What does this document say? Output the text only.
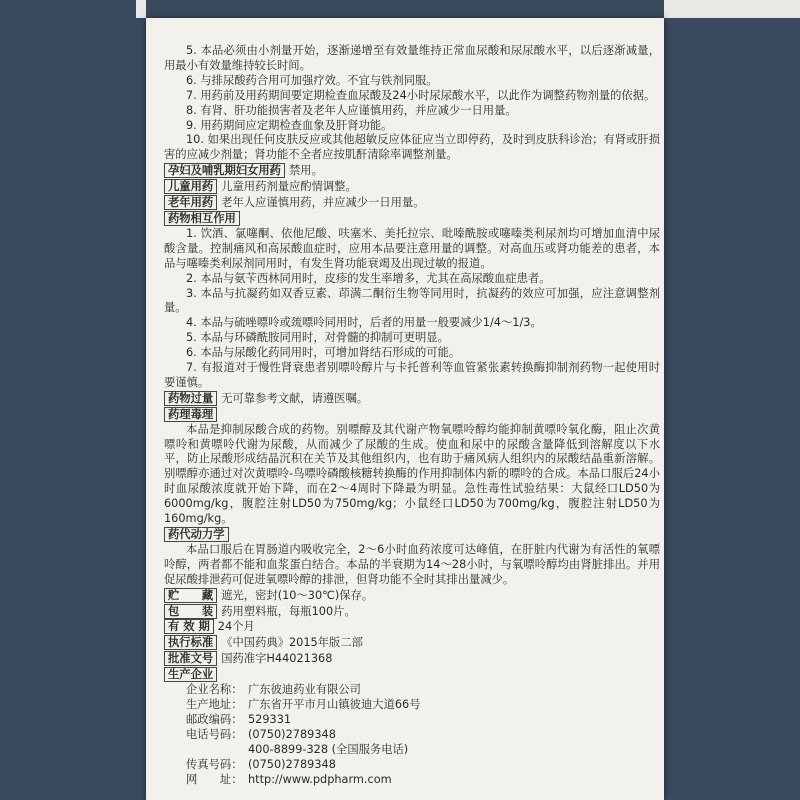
5. 本品必须由小剂量开始，逐渐递增至有效量维持正常血尿酸和尿尿酸水平，以后逐渐减量，用最小有效量维持较长时间。

6. 与排尿酸药合用可加强疗效。不宜与铁剂同服。

7. 用药前及用药期间要定期检查血尿酸及24小时尿尿酸水平，以此作为调整药物剂量的依据。

8. 有肾、肝功能损害者及老年人应谨慎用药，并应减少一日用量。

9. 用药期间应定期检查血象及肝肾功能。

10. 如果出现任何皮肤反应或其他超敏反应体征应当立即停药，及时到皮肤科诊治；有肾或肝损害的应减少剂量；肾功能不全者应按肌酐清除率调整剂量。

孕妇及哺乳期妇女用药 禁用。
儿童用药 儿童用药剂量应酌情调整。
老年用药 老年人应谨慎用药，并应减少一日用量。
药物相互作用

1. 饮酒、氯噻酮、依他尼酸、呋塞米、美托拉宗、吡嗪酰胺或噻嗪类利尿剂均可增加血清中尿酸含量。控制痛风和高尿酸血症时，应用本品要注意用量的调整。对高血压或肾功能差的患者，本品与噻嗪类利尿剂同用时，有发生肾功能衰竭及出现过敏的报道。

2. 本品与氨苄西林同用时，皮疹的发生率增多，尤其在高尿酸血症患者。

3. 本品与抗凝药如双香豆素、茚满二酮衍生物等同用时，抗凝药的效应可加强，应注意调整剂量。

4. 本品与硫唑嘌呤或巯嘌呤同用时，后者的用量一般要减少1/4～1/3。

5. 本品与环磷酰胺同用时，对骨髓的抑制可更明显。

6. 本品与尿酸化药同用时，可增加肾结石形成的可能。

7. 有报道对于慢性肾衰患者别嘌呤醇片与卡托普利等血管紧张素转换酶抑制剂药物一起使用时要谨慎。

药物过量 无可靠参考文献，请遵医嘱。
药理毒理

本品是抑制尿酸合成的药物。别嘌醇及其代谢产物氧嘌呤醇均能抑制黄嘌呤氧化酶，阻止次黄嘌呤和黄嘌呤代谢为尿酸，从而减少了尿酸的生成。使血和尿中的尿酸含量降低到溶解度以下水平，防止尿酸形成结晶沉积在关节及其他组织内，也有助于痛风病人组织内的尿酸结晶重新溶解。别嘌醇亦通过对次黄嘌呤-鸟嘌呤磷酸核糖转换酶的作用抑制体内新的嘌呤的合成。本品口服后24小时血尿酸浓度就开始下降，而在2～4周时下降最为明显。急性毒性试验结果：大鼠经口LD50为6000mg/kg，腹腔注射LD50为750mg/kg；小鼠经口LD50为700mg/kg，腹腔注射LD50为160mg/kg。

药代动力学

本品口服后在胃肠道内吸收完全，2～6小时血药浓度可达峰值，在肝脏内代谢为有活性的氧嘌呤醇，两者都不能和血浆蛋白结合。本品的半衰期为14～28小时，与氧嘌呤醇均由肾脏排出。并用促尿酸排泄药可促进氧嘌呤醇的排泄，但肾功能不全时其排出量减少。

贮　　藏 遮光，密封(10～30℃)保存。
包　　装 药用塑料瓶，每瓶100片。
有 效 期 24个月
执行标准 《中国药典》2015年版二部
批准文号 国药准字H44021368
生产企业
企业名称： 广东彼迪药业有限公司
生产地址： 广东省开平市月山镇彼迪大道66号
邮政编码： 529331
电话号码： (0750)2789348
400-8899-328 (全国服务电话)
传真号码： (0750)2789348
网　　址： http://www.pdpharm.com
